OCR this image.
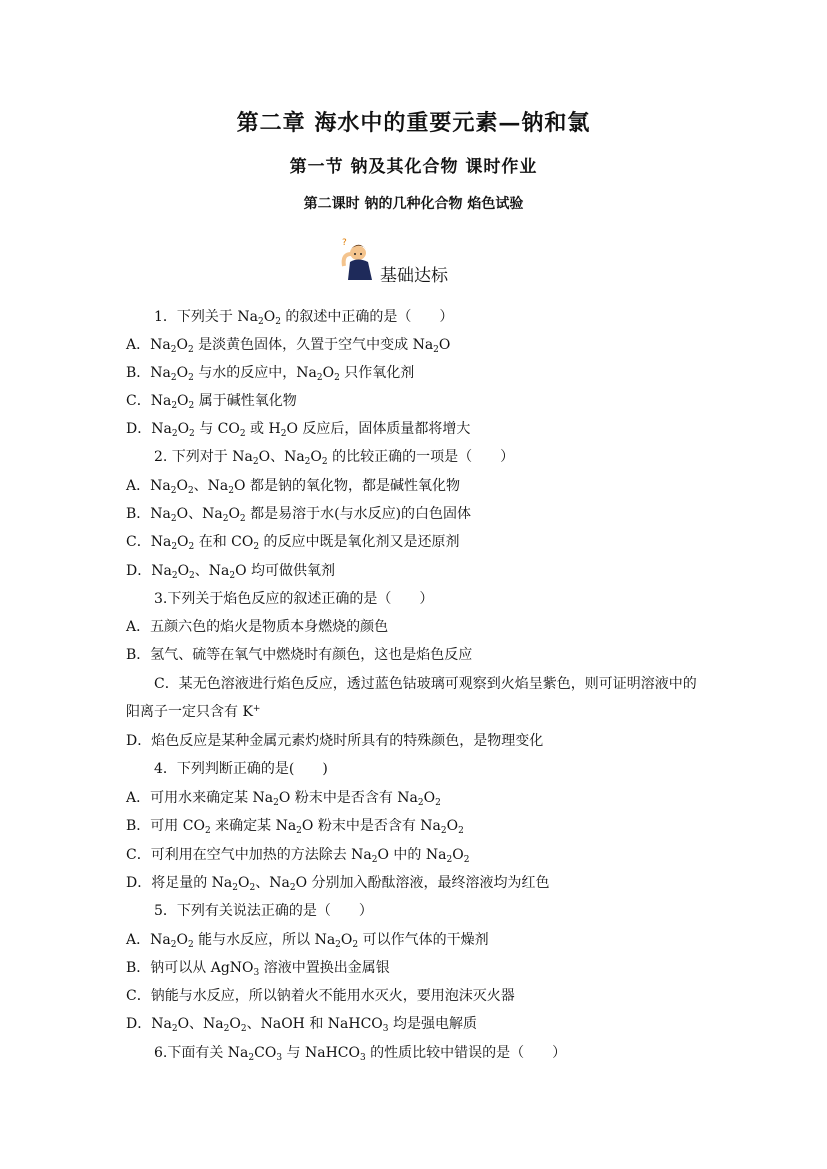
第二章 海水中的重要元素—钠和氯
第一节 钠及其化合物 课时作业
第二课时 钠的几种化合物 焰色试验
?
基础达标
1．下列关于 $Na_2O_2$ 的叙述中正确的是（　　）
A．$Na_2O_2$ 是淡黄色固体，久置于空气中变成 $Na_2O$
B．$Na_2O_2$ 与水的反应中，$Na_2O_2$ 只作氧化剂
C．$Na_2O_2$ 属于碱性氧化物
D．$Na_2O_2$ 与 $CO_2$ 或 $H_2O$ 反应后，固体质量都将增大
2. 下列对于 $Na_2O$、$Na_2O_2$ 的比较正确的一项是（　　）
A．$Na_2O_2$、$Na_2O$ 都是钠的氧化物，都是碱性氧化物
B．$Na_2O$、$Na_2O_2$ 都是易溶于水(与水反应)的白色固体
C．$Na_2O_2$ 在和 $CO_2$ 的反应中既是氧化剂又是还原剂
D．$Na_2O_2$、$Na_2O$ 均可做供氧剂
3.下列关于焰色反应的叙述正确的是（　　）
A．五颜六色的焰火是物质本身燃烧的颜色
B．氢气、硫等在氧气中燃烧时有颜色，这也是焰色反应
C．某无色溶液进行焰色反应，透过蓝色钴玻璃可观察到火焰呈紫色，则可证明溶液中的阳离子一定只含有 K+
D．焰色反应是某种金属元素灼烧时所具有的特殊颜色，是物理变化
4．下列判断正确的是(　　)
A．可用水来确定某 $Na_2O$ 粉末中是否含有 $Na_2O_2$
B．可用 $CO_2$ 来确定某 $Na_2O$ 粉末中是否含有 $Na_2O_2$
C．可利用在空气中加热的方法除去 $Na_2O$ 中的 $Na_2O_2$
D．将足量的 $Na_2O_2$、$Na_2O$ 分别加入酚酞溶液，最终溶液均为红色
5．下列有关说法正确的是（　　）
A．$Na_2O_2$ 能与水反应，所以 $Na_2O_2$ 可以作气体的干燥剂
B．钠可以从 AgNO$_3$ 溶液中置换出金属银
C．钠能与水反应，所以钠着火不能用水灭火，要用泡沫灭火器
D．$Na_2O$、$Na_2O_2$、NaOH 和 NaHCO$_3$ 均是强电解质
6.下面有关 $Na_2CO_3$ 与 NaHCO$_3$ 的性质比较中错误的是（　　）
